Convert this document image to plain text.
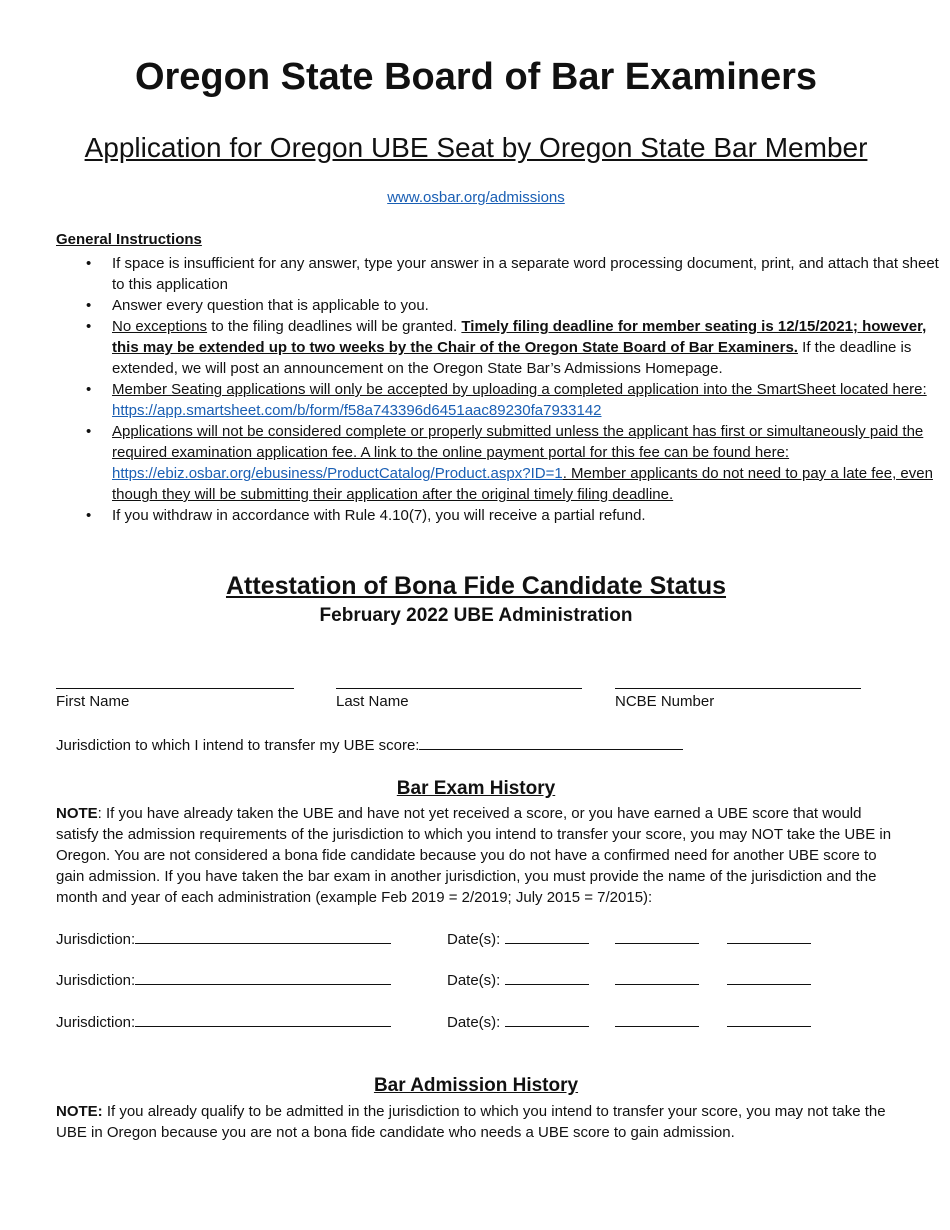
Oregon State Board of Bar Examiners
Application for Oregon UBE Seat by Oregon State Bar Member
www.osbar.org/admissions
General Instructions
• If space is insufficient for any answer, type your answer in a separate word processing document, print, and attach that sheet to this application
• Answer every question that is applicable to you.
• No exceptions to the filing deadlines will be granted. Timely filing deadline for member seating is 12/15/2021; however, this may be extended up to two weeks by the Chair of the Oregon State Board of Bar Examiners. If the deadline is extended, we will post an announcement on the Oregon State Bar’s Admissions Homepage.
• Member Seating applications will only be accepted by uploading a completed application into the SmartSheet located here: https://app.smartsheet.com/b/form/f58a743396d6451aac89230fa7933142
• Applications will not be considered complete or properly submitted unless the applicant has first or simultaneously paid the required examination application fee. A link to the online payment portal for this fee can be found here: https://ebiz.osbar.org/ebusiness/ProductCatalog/Product.aspx?ID=1. Member applicants do not need to pay a late fee, even though they will be submitting their application after the original timely filing deadline.
• If you withdraw in accordance with Rule 4.10(7), you will receive a partial refund.
Attestation of Bona Fide Candidate Status
February 2022 UBE Administration
First Name	Last Name	NCBE Number
Jurisdiction to which I intend to transfer my UBE score:
Bar Exam History
NOTE: If you have already taken the UBE and have not yet received a score, or you have earned a UBE score that would satisfy the admission requirements of the jurisdiction to which you intend to transfer your score, you may NOT take the UBE in Oregon. You are not considered a bona fide candidate because you do not have a confirmed need for another UBE score to gain admission. If you have taken the bar exam in another jurisdiction, you must provide the name of the jurisdiction and the month and year of each administration (example Feb 2019 = 2/2019; July 2015 = 7/2015):
Jurisdiction:	Date(s):
Jurisdiction:	Date(s):
Jurisdiction:	Date(s):
Bar Admission History
NOTE: If you already qualify to be admitted in the jurisdiction to which you intend to transfer your score, you may not take the UBE in Oregon because you are not a bona fide candidate who needs a UBE score to gain admission.
